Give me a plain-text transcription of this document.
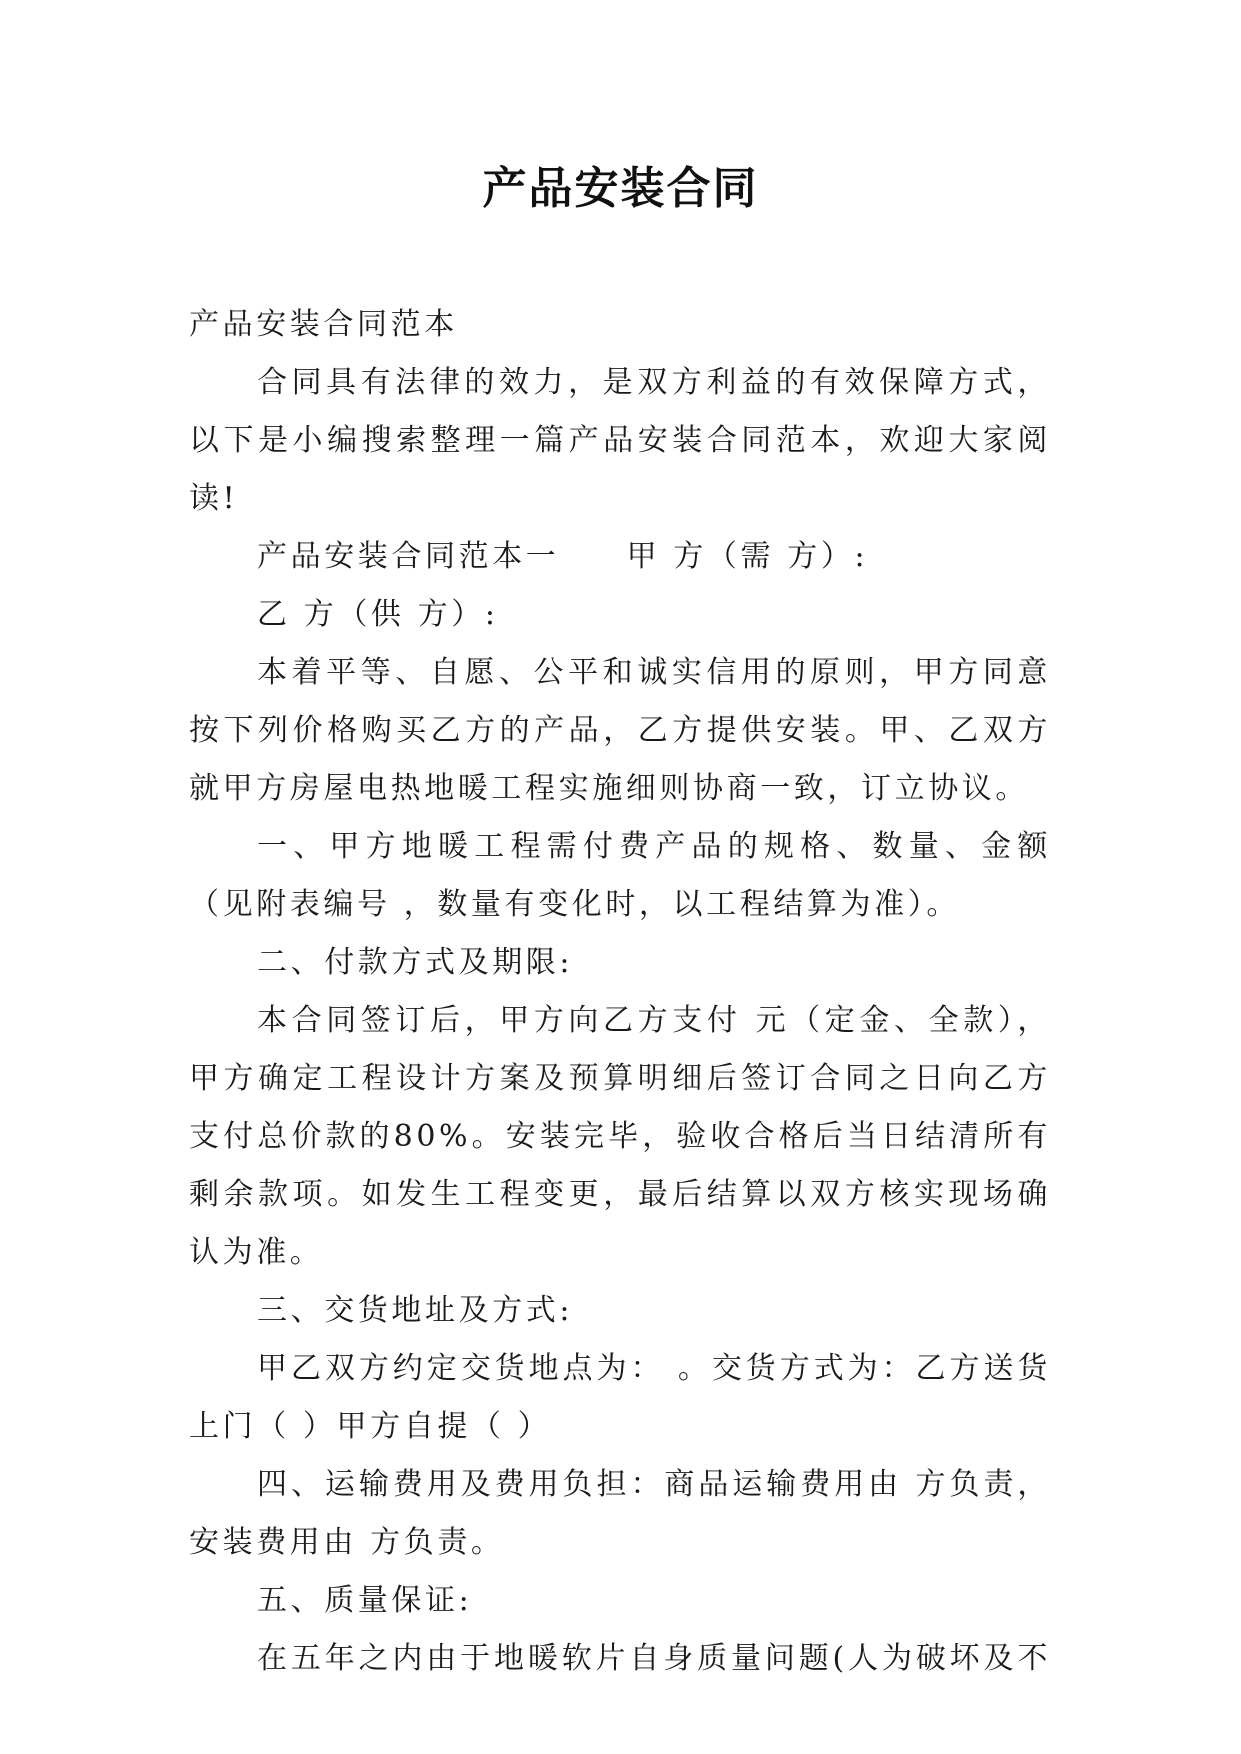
产品安装合同

产品安装合同范本

合同具有法律的效力，是双方利益的有效保障方式，以下是小编搜索整理一篇产品安装合同范本，欢迎大家阅读!

产品安装合同范本一　　甲 方（需 方）:

乙 方（供 方）:

本着平等、自愿、公平和诚实信用的原则，甲方同意按下列价格购买乙方的产品，乙方提供安装。甲、乙双方就甲方房屋电热地暖工程实施细则协商一致，订立协议。

一、甲方地暖工程需付费产品的规格、数量、金额（见附表编号 ，数量有变化时，以工程结算为准）。

二、付款方式及期限:

本合同签订后，甲方向乙方支付 元（定金、全款），甲方确定工程设计方案及预算明细后签订合同之日向乙方支付总价款的80%。安装完毕，验收合格后当日结清所有剩余款项。如发生工程变更，最后结算以双方核实现场确认为准。

三、交货地址及方式:

甲乙双方约定交货地点为： 。交货方式为：乙方送货上门（ ）甲方自提（ ）

四、运输费用及费用负担：商品运输费用由 方负责，安装费用由 方负责。

五、质量保证:

在五年之内由于地暖软片自身质量问题(人为破坏及不
